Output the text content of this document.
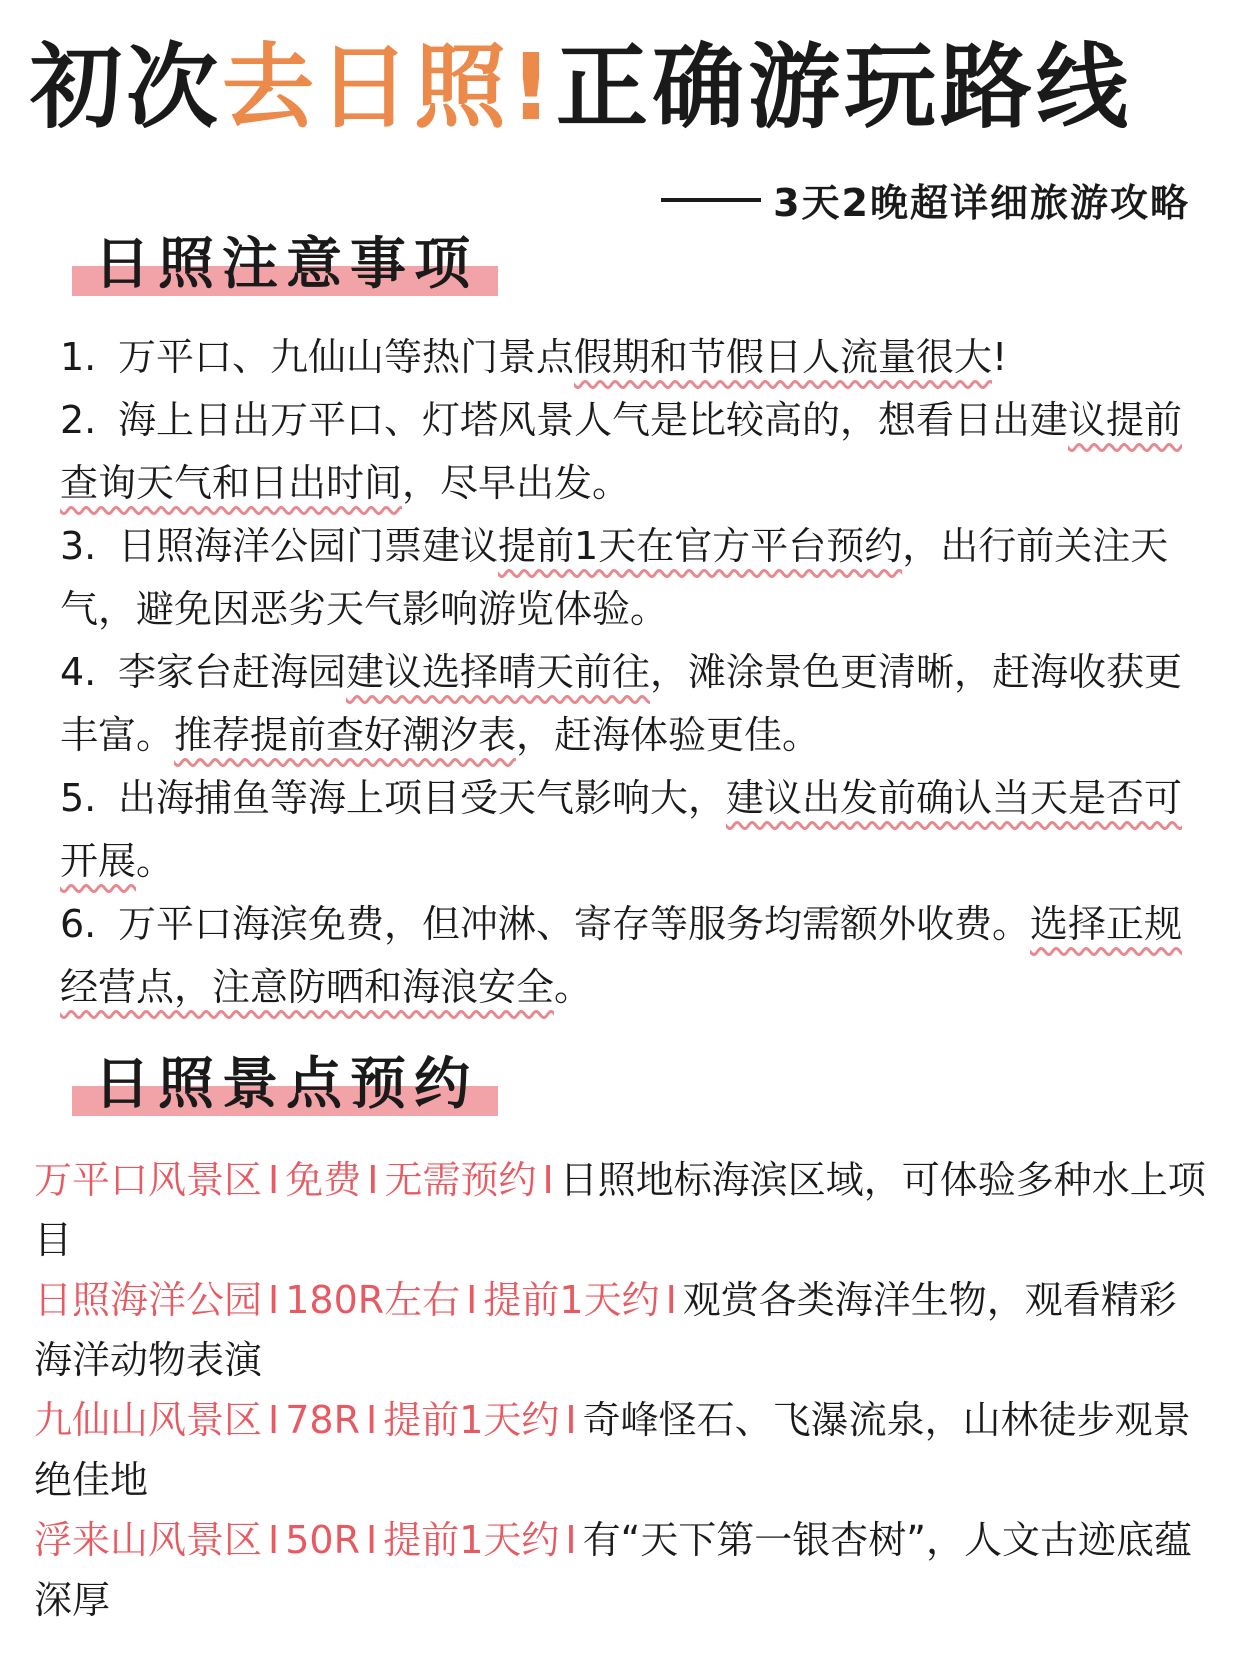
初次去日照!正确游玩路线
3天2晚超详细旅游攻略
日照注意事项

1. 万平口、九仙山等热门景点假期和节假日人流量很大!

2. 海上日出万平口、灯塔风景人气是比较高的，想看日出建议提前查询天气和日出时间，尽早出发。

3. 日照海洋公园门票建议提前1天在官方平台预约，出行前关注天气，避免因恶劣天气影响游览体验。

4. 李家台赶海园建议选择晴天前往，滩涂景色更清晰，赶海收获更丰富。推荐提前查好潮汐表，赶海体验更佳。

5. 出海捕鱼等海上项目受天气影响大，建议出发前确认当天是否可开展。

6. 万平口海滨免费，但冲淋、寄存等服务均需额外收费。选择正规经营点，注意防晒和海浪安全。

日照景点预约

万平口风景区 I 免费 I 无需预约 I 日照地标海滨区域，可体验多种水上项目

日照海洋公园 I 180R左右 I 提前1天约 I 观赏各类海洋生物，观看精彩海洋动物表演

九仙山风景区 I 78R I 提前1天约 I 奇峰怪石、飞瀑流泉，山林徒步观景绝佳地

浮来山风景区 I 50R I 提前1天约 I 有“天下第一银杏树”，人文古迹底蕴深厚
